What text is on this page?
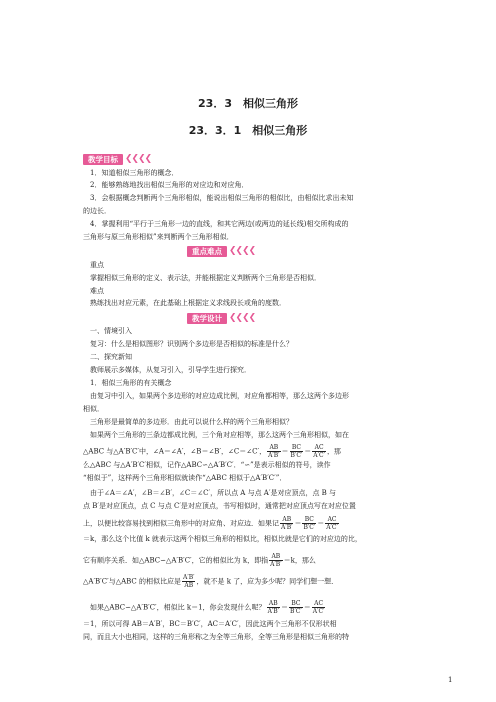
23．3　相似三角形
23．3．1　相似三角形
教学目标 ❮❮❮❮
1．知道相似三角形的概念．
2．能够熟练地找出相似三角形的对应边和对应角．
3．会根据概念判断两个三角形相似，能说出相似三角形的相似比，由相似比求出未知
的边长．
4．掌握利用“平行于三角形一边的直线，和其它两边(或两边的延长线)相交所构成的
三角形与原三角形相似”来判断两个三角形相似．
重点难点 ❮❮❮❮
重点
掌握相似三角形的定义、表示法，并能根据定义判断两个三角形是否相似．
难点
熟练找出对应元素，在此基础上根据定义求线段长或角的度数．
教学设计 ❮❮❮❮
一、情境引入
复习：什么是相似图形？识别两个多边形是否相似的标准是什么？
二、探究新知
教师展示多媒体，从复习引入，引导学生进行探究．
1．相似三角形的有关概念
由复习中引入，如果两个多边形的对应边成比例，对应角都相等，那么这两个多边形
相似．
三角形是最简单的多边形．由此可以说什么样的两个三角形相似？
如果两个三角形的三条边都成比例，三个角对应相等，那么这两个三角形相似，如在
△ABC 与△A′B′C′中，∠A＝∠A′，∠B＝∠B′，∠C＝∠C′， $\frac{AB}{A'B'} = \frac{BC}{B'C'} = \frac{AC}{A'C'}$ ，那
么△ABC 与△A′B′C′相似，记作△ABC∽△A′B′C′．“∽”是表示相似的符号，读作
“相似于”，这样两个三角形相似就读作“△ABC 相似于△A′B′C′”．
由于∠A＝∠A′，∠B＝∠B′，∠C＝∠C′，所以点 A 与点 A′是对应顶点，点 B 与
点 B′是对应顶点，点 C 与点 C′是对应顶点，书写相似时，通常把对应顶点写在对应位置
上，以便比较容易找到相似三角形中的对应角、对应边．如果记 $\frac{AB}{A'B'} = \frac{BC}{B'C'} = \frac{AC}{A'C'}$
＝k，那么这个比值 k 就表示这两个相似三角形的相似比，相似比就是它们的对应边的比，
它有顺序关系．如△ABC∽△A′B′C′，它的相似比为 k，即指 $\frac{AB}{A'B'} =k$，那么
△A′B′C′与△ABC 的相似比应是 $\frac{A'B'}{AB}$ ，就不是 k 了，应为多少呢？同学们想一想．
如果△ABC∽△A′B′C′，相似比 k＝1，你会发现什么呢？ $\frac{AB}{A'B'} = \frac{BC}{B'C'} = \frac{AC}{A'C'}$
＝1，所以可得 AB＝A′B′，BC＝B′C′，AC＝A′C′，因此这两个三角形不仅形状相
同，而且大小也相同，这样的三角形称之为全等三角形，全等三角形是相似三角形的特
1
